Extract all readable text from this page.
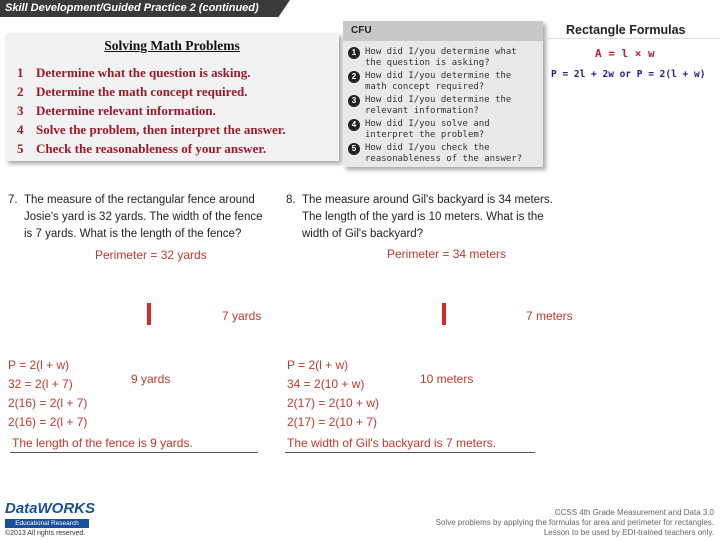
Skill Development/Guided Practice 2 (continued)
Solving Math Problems
1 Determine what the question is asking.
2 Determine the math concept required.
3 Determine relevant information.
4 Solve the problem, then interpret the answer.
5 Check the reasonableness of your answer.
CFU
1 How did I/you determine what
the question is asking?
2 How did I/you determine the
math concept required?
3 How did I/you determine the
relevant information?
4 How did I/you solve and
interpret the problem?
5 How did I/you check the
reasonableness of the answer?
Rectangle Formulas
A = l × w
P = 2l + 2w or P = 2(l + w)
7. The measure of the rectangular fence around
Josie's yard is 32 yards. The width of the fence
is 7 yards. What is the length of the fence?
Perimeter = 32 yards
7 yards
9 yards
P = 2(l + w)
32 = 2(l + 7)
2(16) = 2(l + 7)
2(16) = 2(l + 7)
The length of the fence is 9 yards.
8. The measure around Gil's backyard is 34 meters.
The length of the yard is 10 meters. What is the
width of Gil's backyard?
Perimeter = 34 meters
7 meters
10 meters
P = 2(l + w)
34 = 2(10 + w)
2(17) = 2(10 + w)
2(17) = 2(10 + 7)
The width of Gil's backyard is 7 meters.
DataWORKS
Educational Research
©2013 All rights reserved.
CCSS 4th Grade Measurement and Data 3.0
Solve problems by applying the formulas for area and perimeter for rectangles.
Lesson to be used by EDI-trained teachers only.
